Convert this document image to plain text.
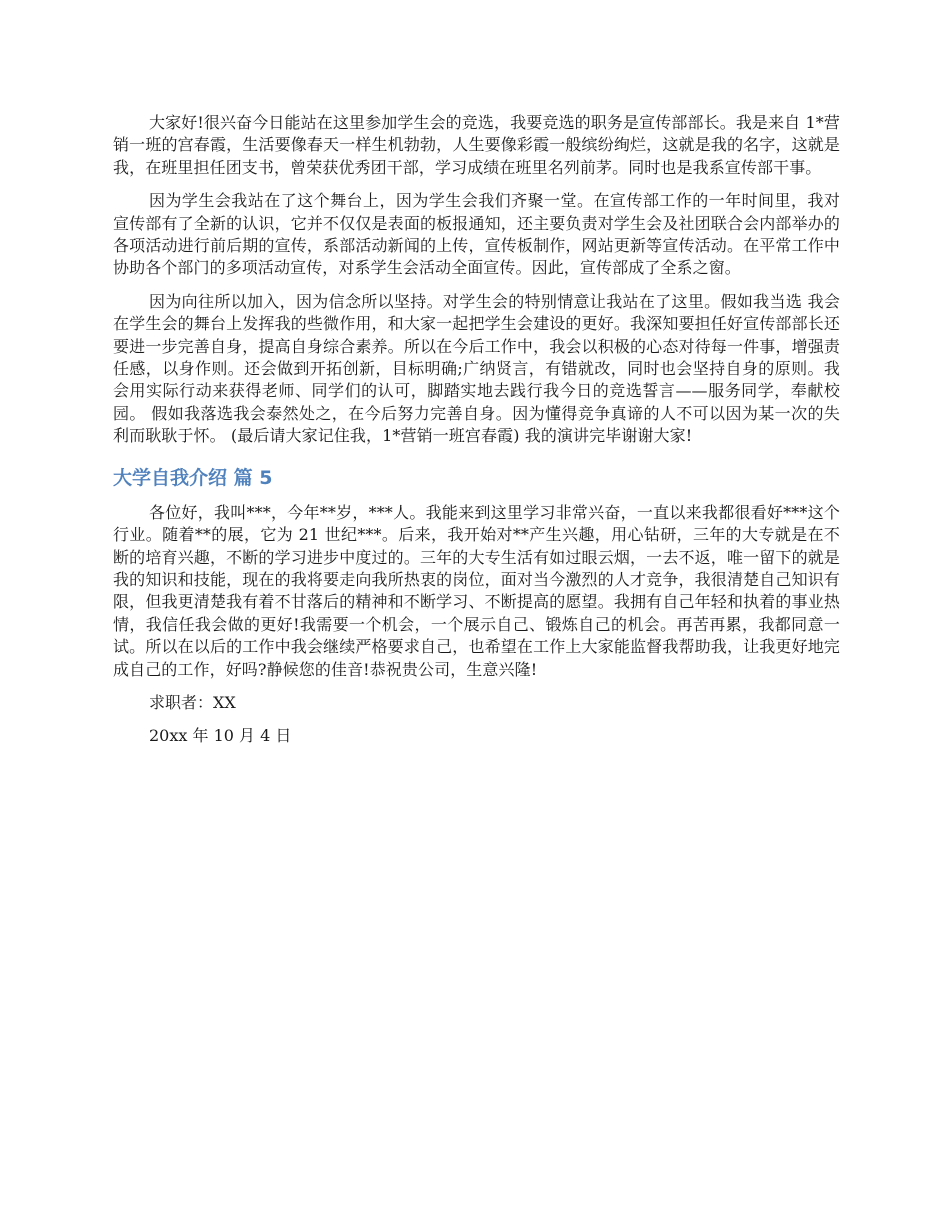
大家好!很兴奋今日能站在这里参加学生会的竞选，我要竞选的职务是宣传部部长。我是来自 1*营销一班的宫春霞，生活要像春天一样生机勃勃，人生要像彩霞一般缤纷绚烂，这就是我的名字，这就是我，在班里担任团支书，曾荣获优秀团干部，学习成绩在班里名列前茅。同时也是我系宣传部干事。

因为学生会我站在了这个舞台上，因为学生会我们齐聚一堂。在宣传部工作的一年时间里，我对宣传部有了全新的认识，它并不仅仅是表面的板报通知，还主要负责对学生会及社团联合会内部举办的各项活动进行前后期的宣传，系部活动新闻的上传，宣传板制作，网站更新等宣传活动。在平常工作中协助各个部门的多项活动宣传，对系学生会活动全面宣传。因此，宣传部成了全系之窗。

因为向往所以加入，因为信念所以坚持。对学生会的特别情意让我站在了这里。假如我当选 我会在学生会的舞台上发挥我的些微作用，和大家一起把学生会建设的更好。我深知要担任好宣传部部长还要进一步完善自身，提高自身综合素养。所以在今后工作中，我会以积极的心态对待每一件事，增强责任感，以身作则。还会做到开拓创新，目标明确;广纳贤言，有错就改，同时也会坚持自身的原则。我会用实际行动来获得老师、同学们的认可，脚踏实地去践行我今日的竞选誓言——服务同学，奉献校园。 假如我落选我会泰然处之，在今后努力完善自身。因为懂得竞争真谛的人不可以因为某一次的失利而耿耿于怀。 (最后请大家记住我，1*营销一班宫春霞) 我的演讲完毕谢谢大家!

大学自我介绍 篇 5

各位好，我叫***，今年**岁，***人。我能来到这里学习非常兴奋，一直以来我都很看好***这个行业。随着**的展，它为 21 世纪***。后来，我开始对**产生兴趣，用心钻研，三年的大专就是在不断的培育兴趣，不断的学习进步中度过的。三年的大专生活有如过眼云烟，一去不返，唯一留下的就是我的知识和技能，现在的我将要走向我所热衷的岗位，面对当今激烈的人才竞争，我很清楚自己知识有限，但我更清楚我有着不甘落后的精神和不断学习、不断提高的愿望。我拥有自己年轻和执着的事业热情，我信任我会做的更好!我需要一个机会，一个展示自己、锻炼自己的机会。再苦再累，我都同意一试。所以在以后的工作中我会继续严格要求自己，也希望在工作上大家能监督我帮助我，让我更好地完成自己的工作，好吗?静候您的佳音!恭祝贵公司，生意兴隆!

求职者：XX

20xx 年 10 月 4 日
